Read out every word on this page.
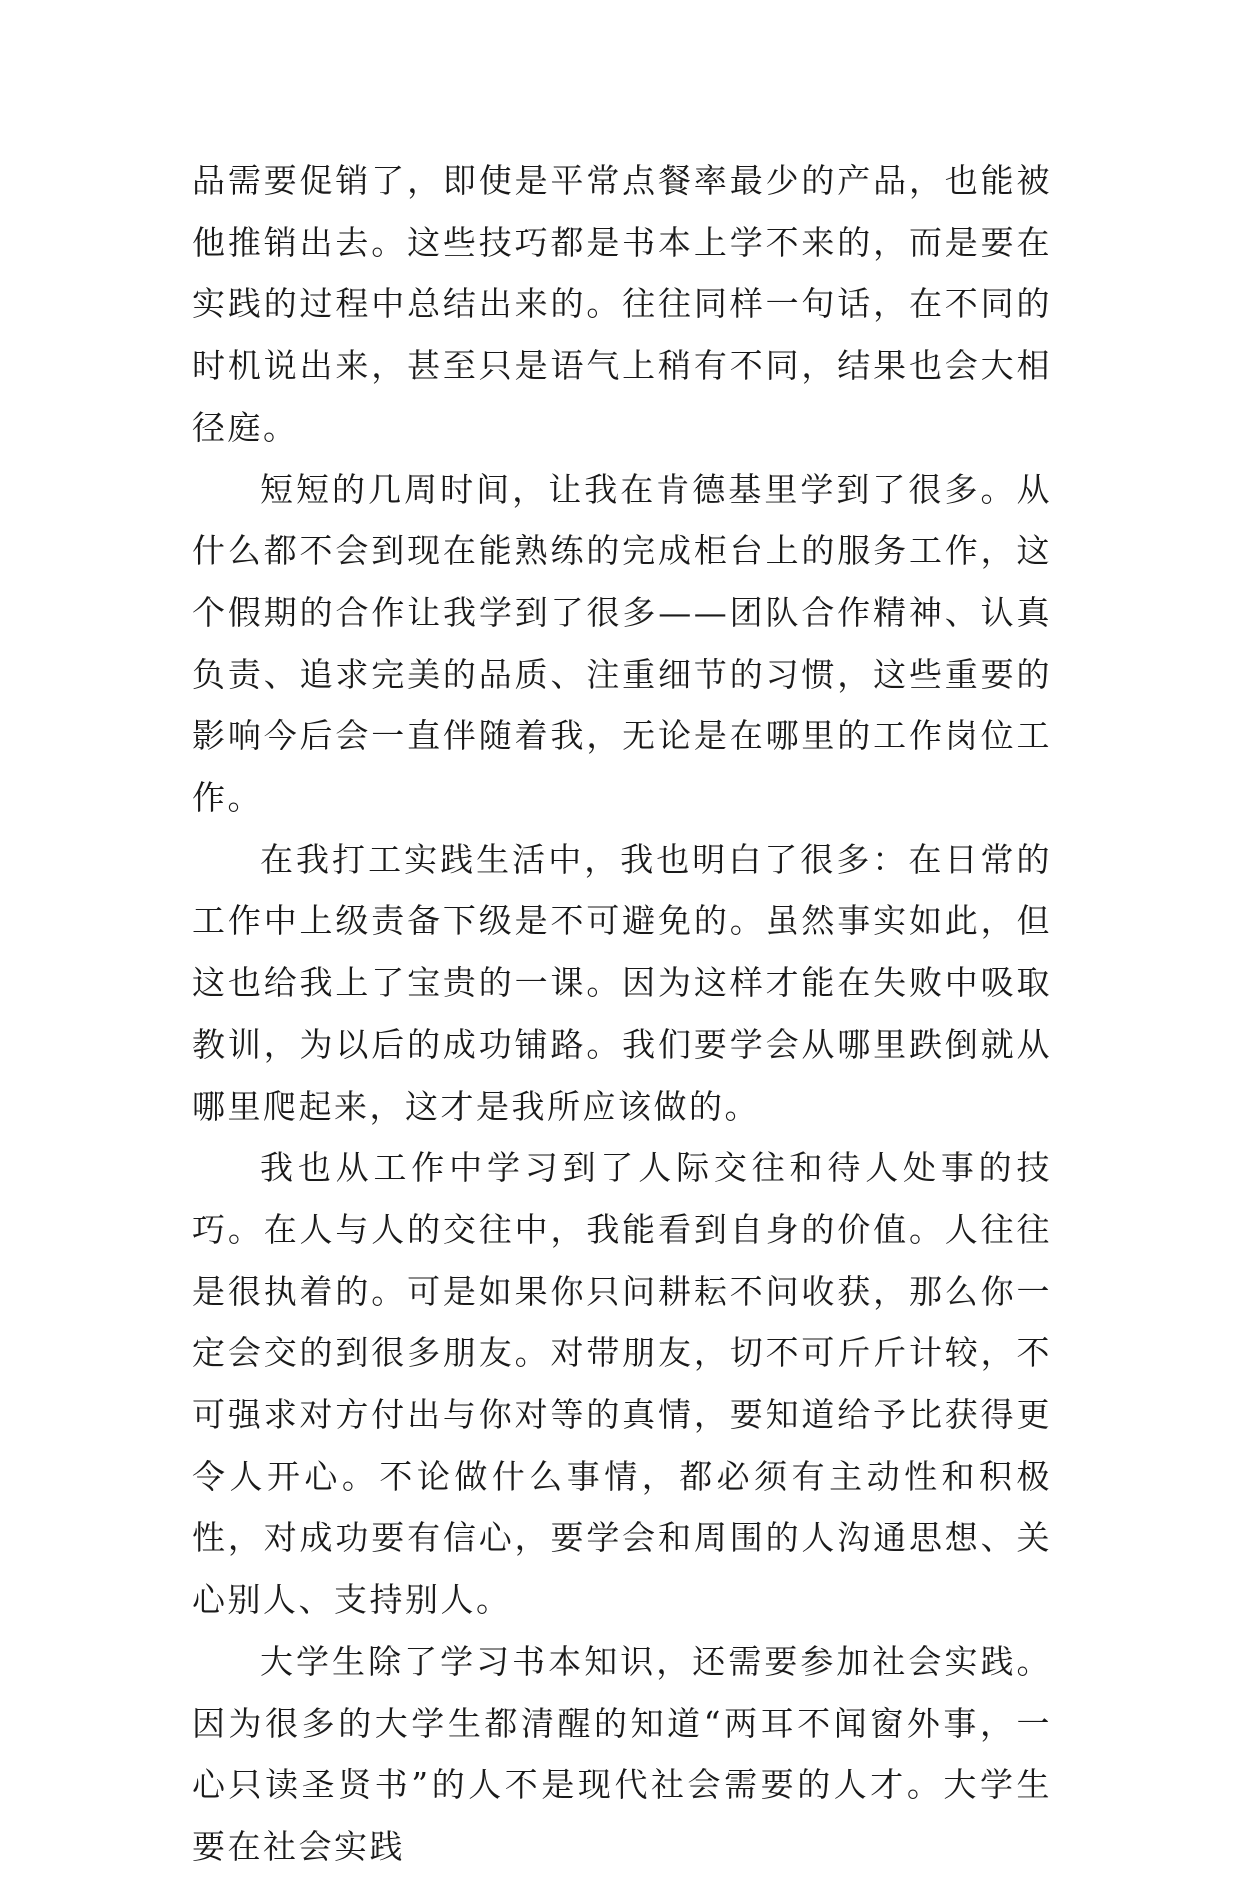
品需要促销了，即使是平常点餐率最少的产品，也能被他推销出去。这些技巧都是书本上学不来的，而是要在实践的过程中总结出来的。往往同样一句话，在不同的时机说出来，甚至只是语气上稍有不同，结果也会大相径庭。

短短的几周时间，让我在肯德基里学到了很多。从什么都不会到现在能熟练的完成柜台上的服务工作，这个假期的合作让我学到了很多——团队合作精神、认真负责、追求完美的品质、注重细节的习惯，这些重要的影响今后会一直伴随着我，无论是在哪里的工作岗位工作。

在我打工实践生活中，我也明白了很多：在日常的工作中上级责备下级是不可避免的。虽然事实如此，但这也给我上了宝贵的一课。因为这样才能在失败中吸取教训，为以后的成功铺路。我们要学会从哪里跌倒就从哪里爬起来，这才是我所应该做的。

我也从工作中学习到了人际交往和待人处事的技巧。在人与人的交往中，我能看到自身的价值。人往往是很执着的。可是如果你只问耕耘不问收获，那么你一定会交的到很多朋友。对带朋友，切不可斤斤计较，不可强求对方付出与你对等的真情，要知道给予比获得更令人开心。不论做什么事情，都必须有主动性和积极性，对成功要有信心，要学会和周围的人沟通思想、关心别人、支持别人。

大学生除了学习书本知识，还需要参加社会实践。因为很多的大学生都清醒的知道“两耳不闻窗外事，一心只读圣贤书”的人不是现代社会需要的人才。大学生要在社会实践
